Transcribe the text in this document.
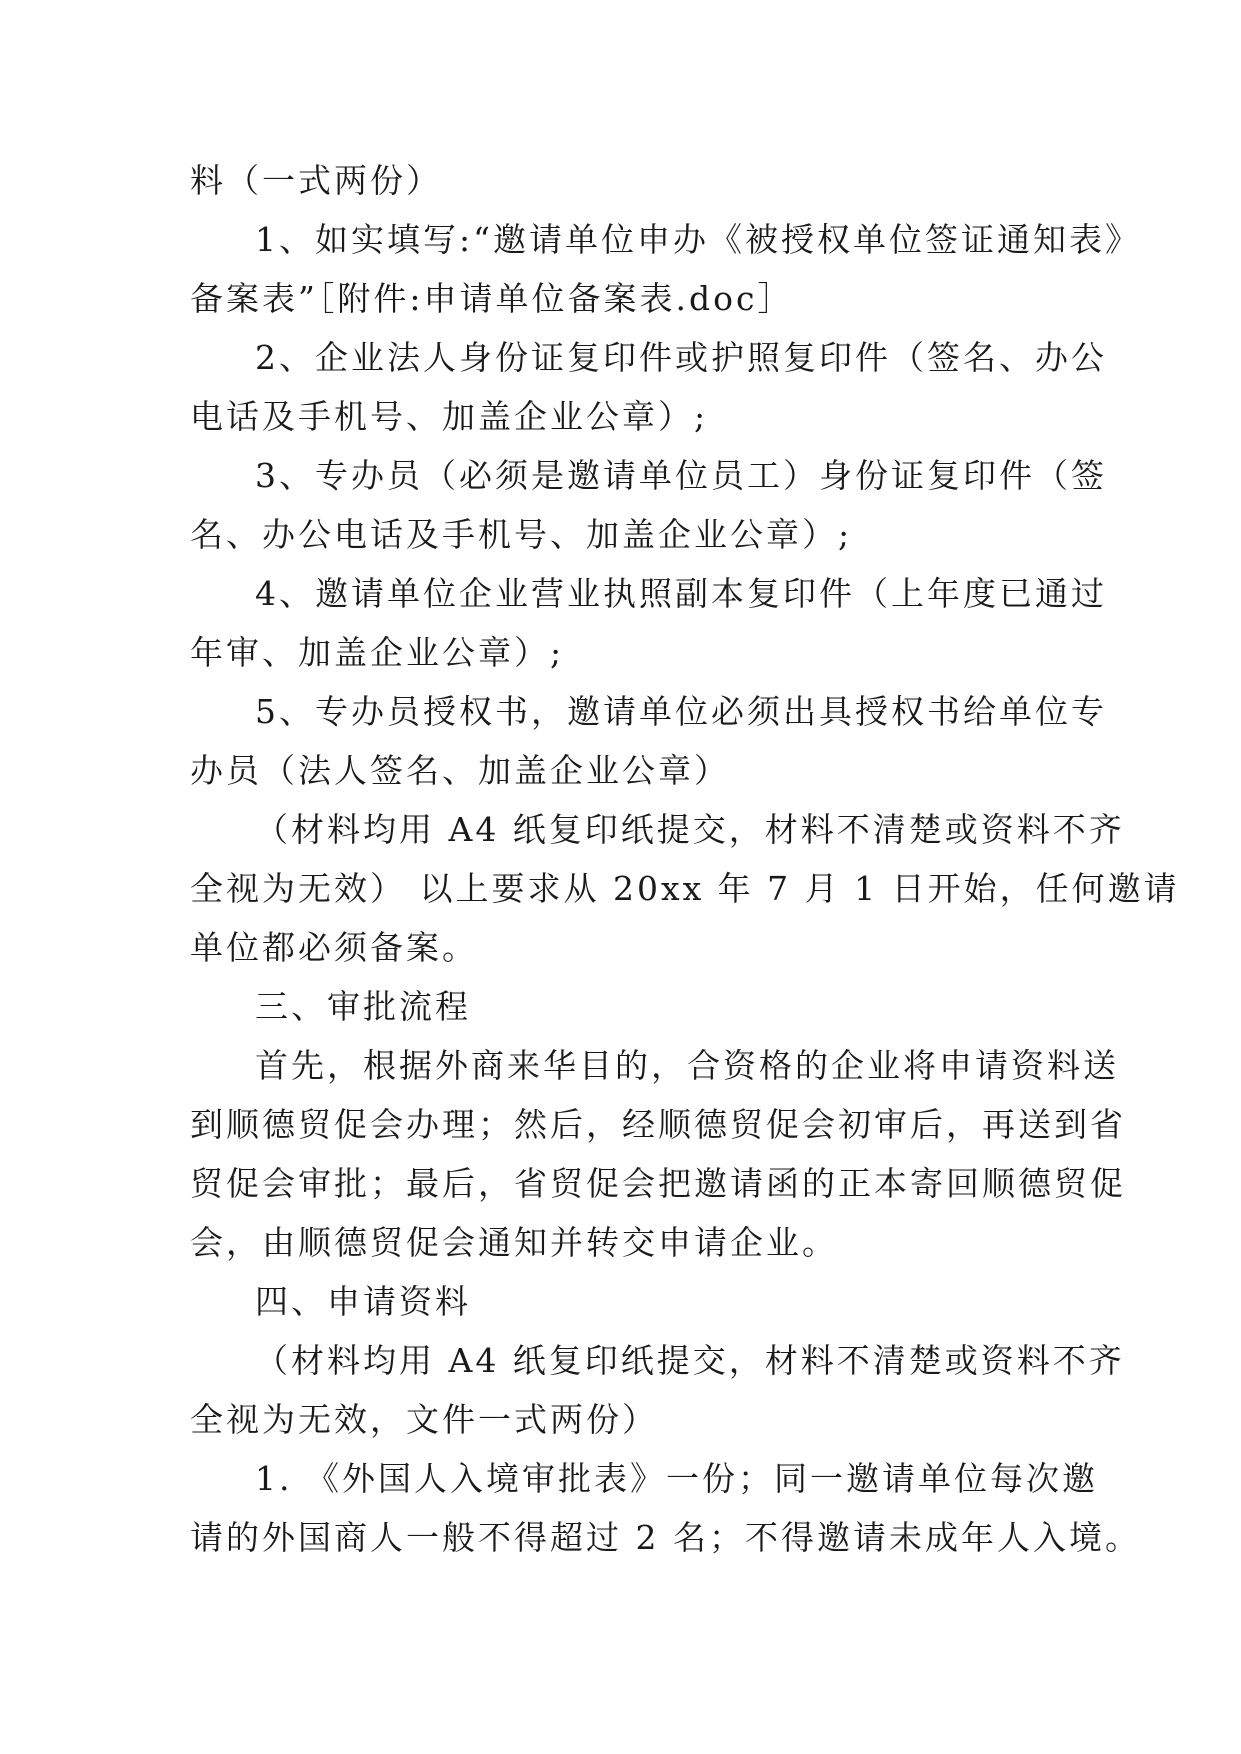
料（一式两份）
1、如实填写:“邀请单位申办《被授权单位签证通知表》
备案表”［附件:申请单位备案表.doc］
2、企业法人身份证复印件或护照复印件（签名、办公
电话及手机号、加盖企业公章）;
3、专办员（必须是邀请单位员工）身份证复印件（签
名、办公电话及手机号、加盖企业公章）;
4、邀请单位企业营业执照副本复印件（上年度已通过
年审、加盖企业公章）;
5、专办员授权书，邀请单位必须出具授权书给单位专
办员（法人签名、加盖企业公章）
（材料均用 A4 纸复印纸提交，材料不清楚或资料不齐
全视为无效） 以上要求从 20xx 年 7 月 1 日开始，任何邀请
单位都必须备案。
三、审批流程
首先，根据外商来华目的，合资格的企业将申请资料送
到顺德贸促会办理；然后，经顺德贸促会初审后，再送到省
贸促会审批；最后，省贸促会把邀请函的正本寄回顺德贸促
会，由顺德贸促会通知并转交申请企业。
四、申请资料
（材料均用 A4 纸复印纸提交，材料不清楚或资料不齐
全视为无效，文件一式两份）
1. 《外国人入境审批表》一份；同一邀请单位每次邀
请的外国商人一般不得超过 2 名；不得邀请未成年人入境。
